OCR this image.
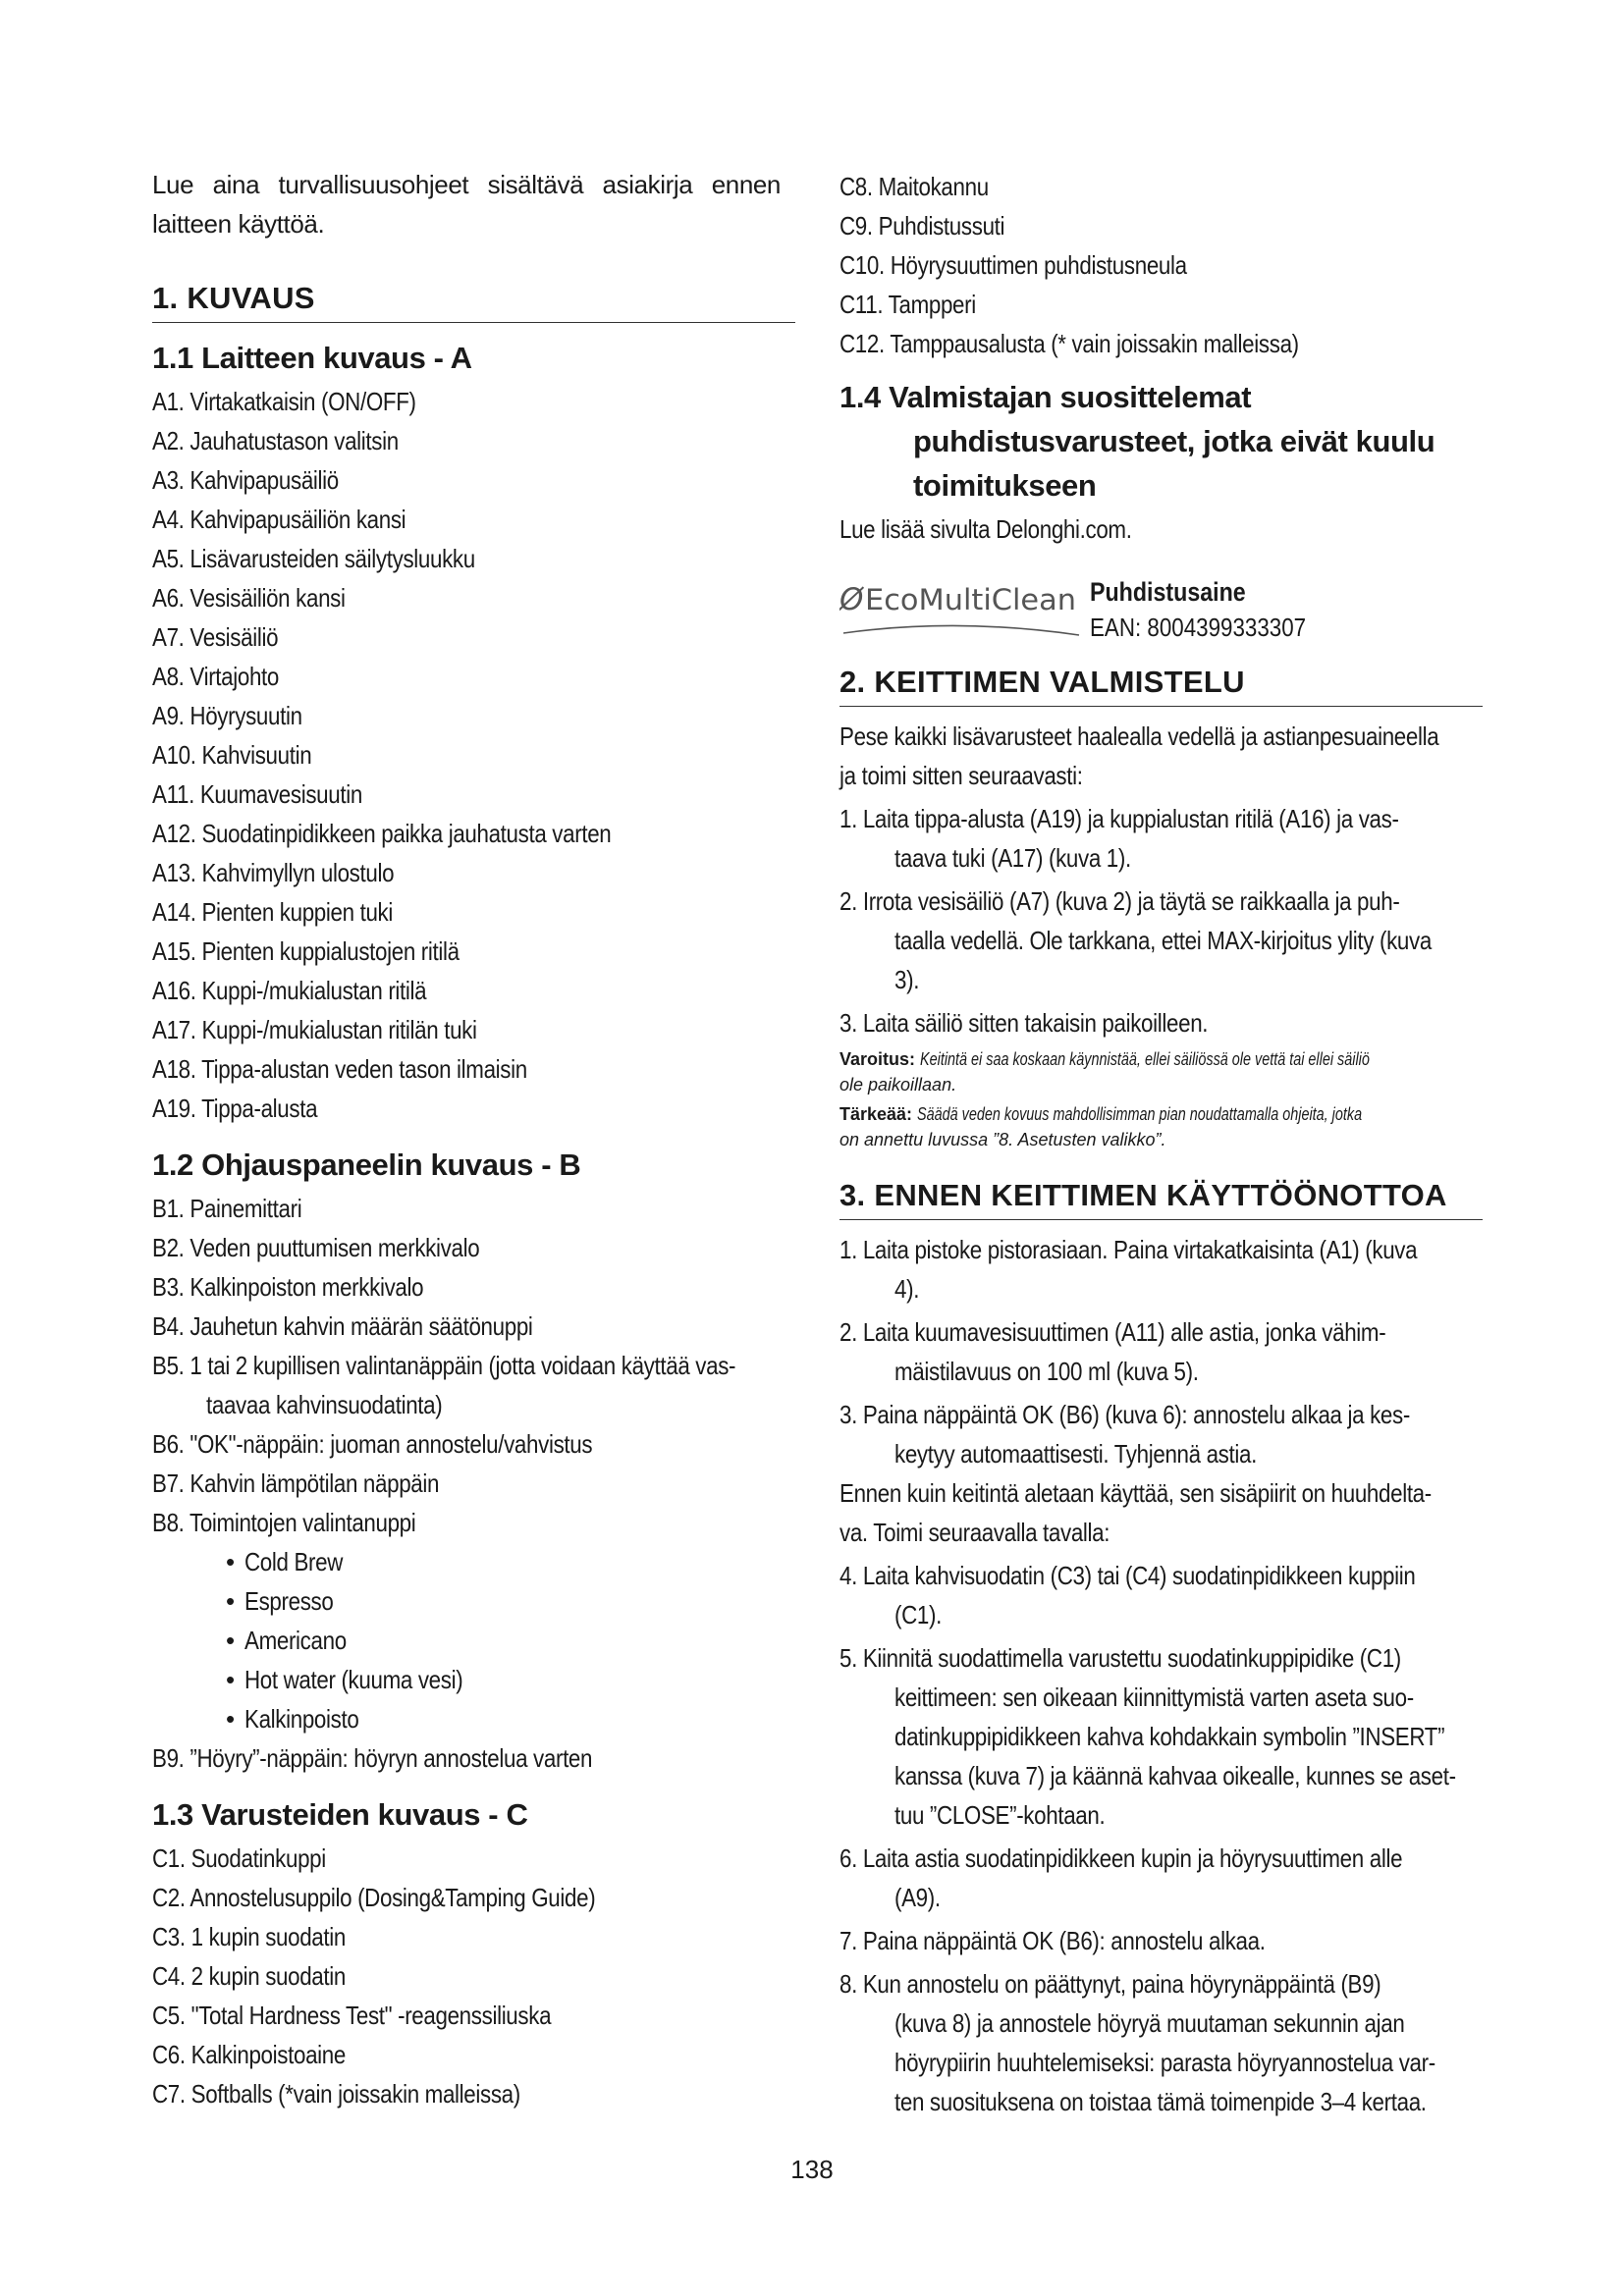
Lue aina turvallisuusohjeet sisältävä asiakirja ennen laitteen käyttöä.

1. KUVAUS
1.1 Laitteen kuvaus - A
A1. Virtakatkaisin (ON/OFF)
A2. Jauhatustason valitsin
A3. Kahvipapusäiliö
A4. Kahvipapusäiliön kansi
A5. Lisävarusteiden säilytysluukku
A6. Vesisäiliön kansi
A7. Vesisäiliö
A8. Virtajohto
A9. Höyrysuutin
A10. Kahvisuutin
A11. Kuumavesisuutin
A12. Suodatinpidikkeen paikka jauhatusta varten
A13. Kahvimyllyn ulostulo
A14. Pienten kuppien tuki
A15. Pienten kuppialustojen ritilä
A16. Kuppi-/mukialustan ritilä
A17. Kuppi-/mukialustan ritilän tuki
A18. Tippa-alustan veden tason ilmaisin
A19. Tippa-alusta
1.2 Ohjauspaneelin kuvaus - B
B1. Painemittari
B2. Veden puuttumisen merkkivalo
B3. Kalkinpoiston merkkivalo
B4. Jauhetun kahvin määrän säätönuppi
B5. 1 tai 2 kupillisen valintanäppäin (jotta voidaan käyttää vas-
taavaa kahvinsuodatinta)
B6. "OK"-näppäin: juoman annostelu/vahvistus
B7. Kahvin lämpötilan näppäin
B8. Toimintojen valintanuppi
• Cold Brew
• Espresso
• Americano
• Hot water (kuuma vesi)
• Kalkinpoisto
B9. ”Höyry”-näppäin: höyryn annostelua varten
1.3 Varusteiden kuvaus - C
C1. Suodatinkuppi
C2. Annostelusuppilo (Dosing&Tamping Guide)
C3. 1 kupin suodatin
C4. 2 kupin suodatin
C5. "Total Hardness Test" -reagenssiliuska
C6. Kalkinpoistoaine
C7. Softballs (*vain joissakin malleissa)
C8. Maitokannu
C9. Puhdistussuti
C10. Höyrysuuttimen puhdistusneula
C11. Tampperi
C12. Tamppausalusta (* vain joissakin malleissa)
1.4 Valmistajan suosittelemat
puhdistusvarusteet, jotka eivät kuulu
toimitukseen
Lue lisää sivulta Delonghi.com.
Ø EcoMultiClean Puhdistusaine
EAN: 8004399333307
2. KEITTIMEN VALMISTELU
Pese kaikki lisävarusteet haalealla vedellä ja astianpesuaineella
ja toimi sitten seuraavasti:
1. Laita tippa-alusta (A19) ja kuppialustan ritilä (A16) ja vas-
taava tuki (A17) (kuva 1).
2. Irrota vesisäiliö (A7) (kuva 2) ja täytä se raikkaalla ja puh-
taalla vedellä. Ole tarkkana, ettei MAX-kirjoitus ylity (kuva
3).
3. Laita säiliö sitten takaisin paikoilleen.
Varoitus: Keitintä ei saa koskaan käynnistää, ellei säiliössä ole vettä tai ellei säiliö
ole paikoillaan.
Tärkeää: Säädä veden kovuus mahdollisimman pian noudattamalla ohjeita, jotka
on annettu luvussa ”8. Asetusten valikko”.
3. ENNEN KEITTIMEN KÄYTTÖÖNOTTOA
1. Laita pistoke pistorasiaan. Paina virtakatkaisinta (A1) (kuva
4).
2. Laita kuumavesisuuttimen (A11) alle astia, jonka vähim-
mäistilavuus on 100 ml (kuva 5).
3. Paina näppäintä OK (B6) (kuva 6): annostelu alkaa ja kes-
keytyy automaattisesti. Tyhjennä astia.
Ennen kuin keitintä aletaan käyttää, sen sisäpiirit on huuhdelta-
va. Toimi seuraavalla tavalla:
4. Laita kahvisuodatin (C3) tai (C4) suodatinpidikkeen kuppiin
(C1).
5. Kiinnitä suodattimella varustettu suodatinkuppipidike (C1)
keittimeen: sen oikeaan kiinnittymistä varten aseta suo-
datinkuppipidikkeen kahva kohdakkain symbolin ”INSERT”
kanssa (kuva 7) ja käännä kahvaa oikealle, kunnes se aset-
tuu ”CLOSE”-kohtaan.
6. Laita astia suodatinpidikkeen kupin ja höyrysuuttimen alle
(A9).
7. Paina näppäintä OK (B6): annostelu alkaa.
8. Kun annostelu on päättynyt, paina höyrynäppäintä (B9)
(kuva 8) ja annostele höyryä muutaman sekunnin ajan
höyrypiirin huuhtelemiseksi: parasta höyryannostelua var-
ten suosituksena on toistaa tämä toimenpide 3–4 kertaa.
138
